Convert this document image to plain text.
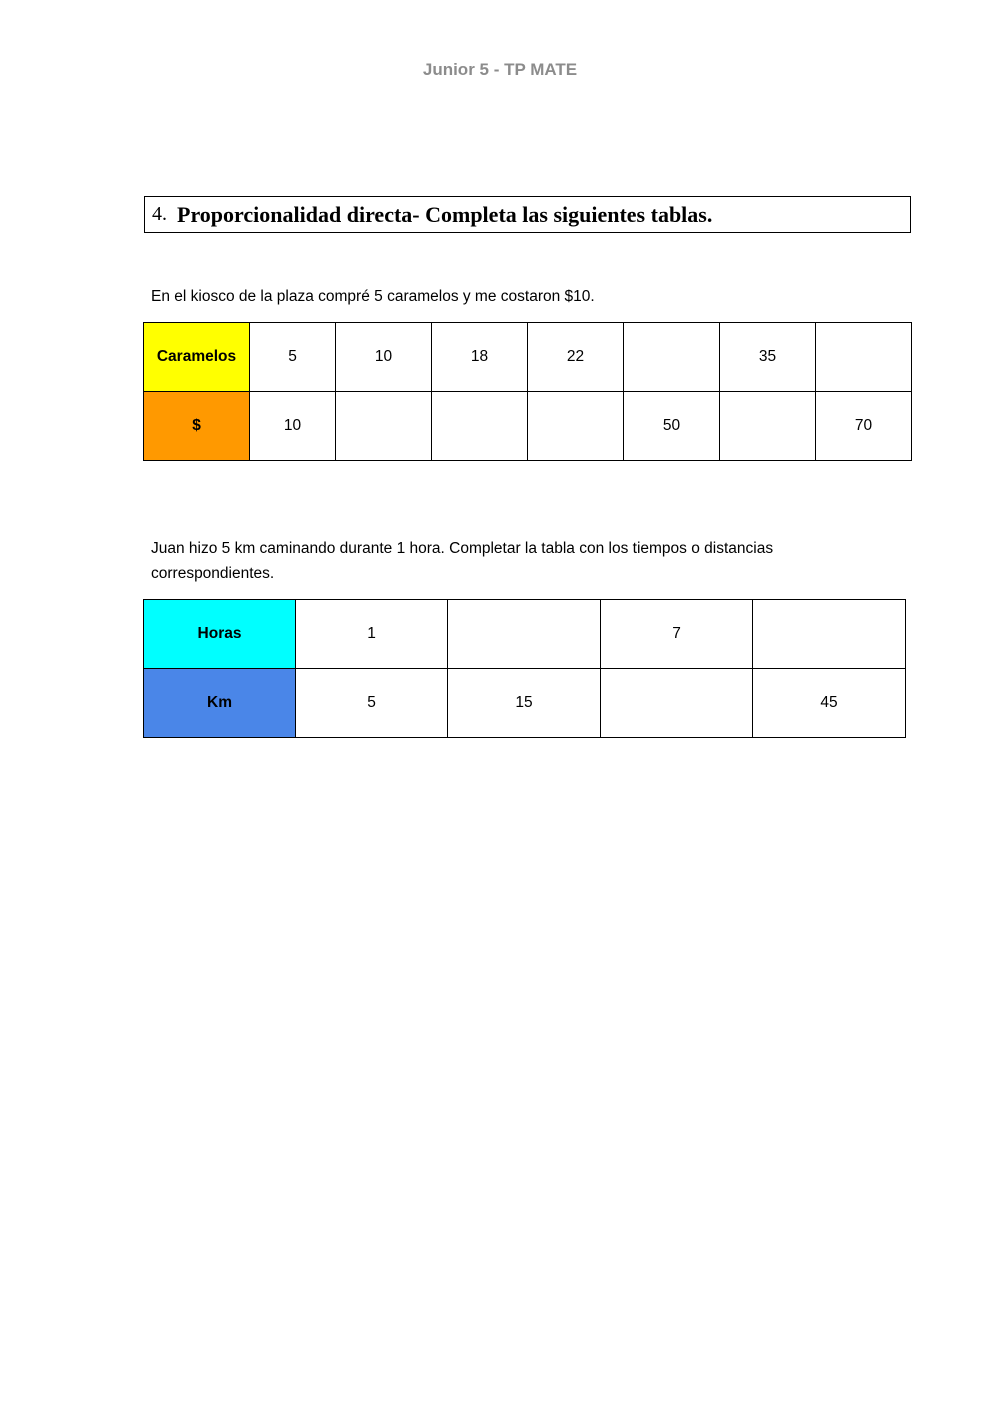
Junior 5 - TP MATE
4. Proporcionalidad directa- Completa las siguientes tablas.
En el kiosco de la plaza compré 5 caramelos y me costaron $10.
Caramelos	5	10	18	22		35	
$	10				50		70
Juan hizo 5 km caminando durante 1 hora. Completar la tabla con los tiempos o distancias
correspondientes.
Horas	1		7	
Km	5	15		45
